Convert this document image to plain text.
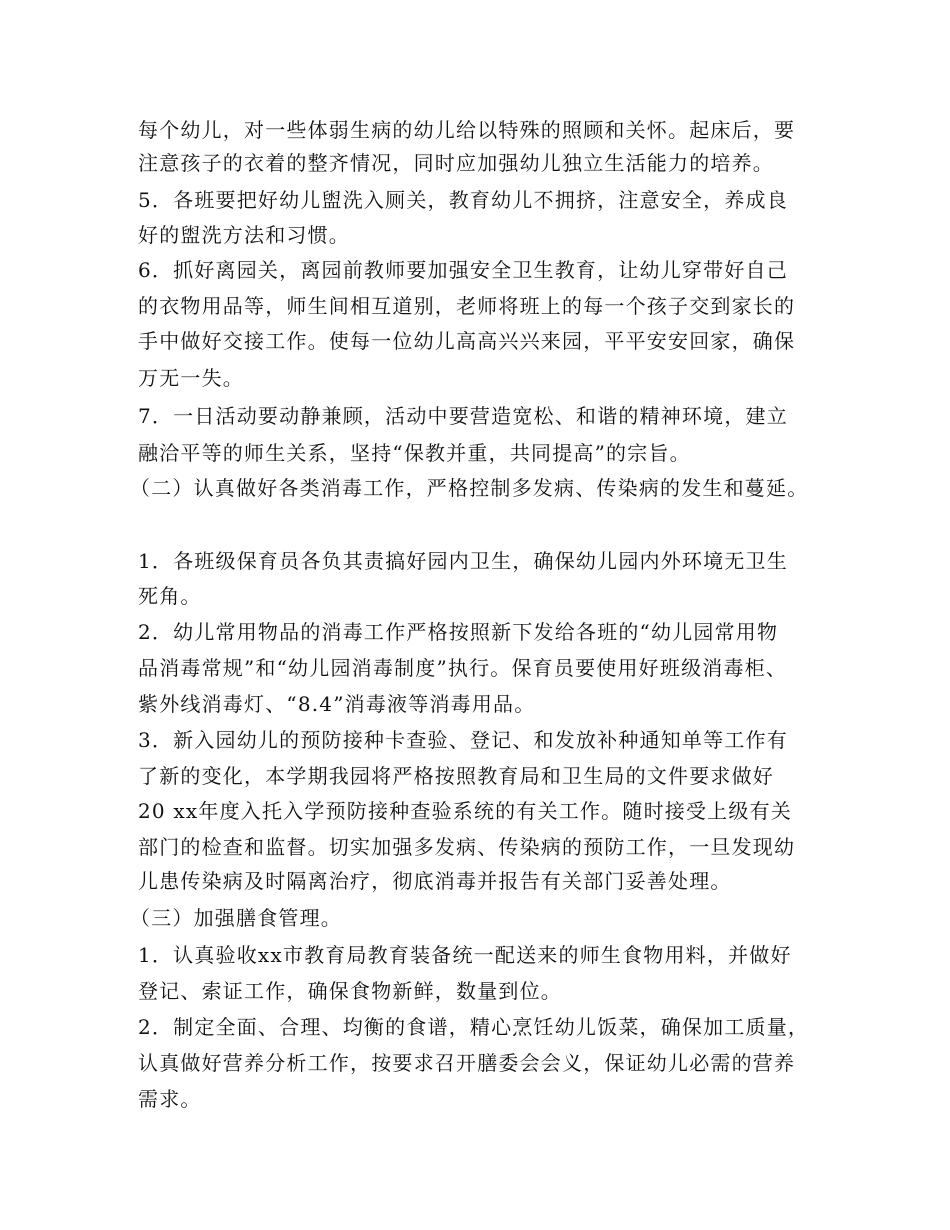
每个幼儿，对一些体弱生病的幼儿给以特殊的照顾和关怀。起床后，要
注意孩子的衣着的整齐情况，同时应加强幼儿独立生活能力的培养。
5．各班要把好幼儿盥洗入厕关，教育幼儿不拥挤，注意安全，养成良
好的盥洗方法和习惯。
6．抓好离园关，离园前教师要加强安全卫生教育，让幼儿穿带好自己
的衣物用品等，师生间相互道别，老师将班上的每一个孩子交到家长的
手中做好交接工作。使每一位幼儿高高兴兴来园，平平安安回家，确保
万无一失。
7．一日活动要动静兼顾，活动中要营造宽松、和谐的精神环境，建立
融洽平等的师生关系，坚持“保教并重，共同提高”的宗旨。
（二）认真做好各类消毒工作，严格控制多发病、传染病的发生和蔓延。
1．各班级保育员各负其责搞好园内卫生，确保幼儿园内外环境无卫生
死角。
2．幼儿常用物品的消毒工作严格按照新下发给各班的“幼儿园常用物
品消毒常规”和“幼儿园消毒制度”执行。保育员要使用好班级消毒柜、
紫外线消毒灯、“8.4”消毒液等消毒用品。
3．新入园幼儿的预防接种卡查验、登记、和发放补种通知单等工作有
了新的变化，本学期我园将严格按照教育局和卫生局的文件要求做好
20 xx年度入托入学预防接种查验系统的有关工作。随时接受上级有关
部门的检查和监督。切实加强多发病、传染病的预防工作，一旦发现幼
儿患传染病及时隔离治疗，彻底消毒并报告有关部门妥善处理。
（三）加强膳食管理。
1．认真验收xx市教育局教育装备统一配送来的师生食物用料，并做好
登记、索证工作，确保食物新鲜，数量到位。
2．制定全面、合理、均衡的食谱，精心烹饪幼儿饭菜，确保加工质量，
认真做好营养分析工作，按要求召开膳委会会义，保证幼儿必需的营养
需求。
